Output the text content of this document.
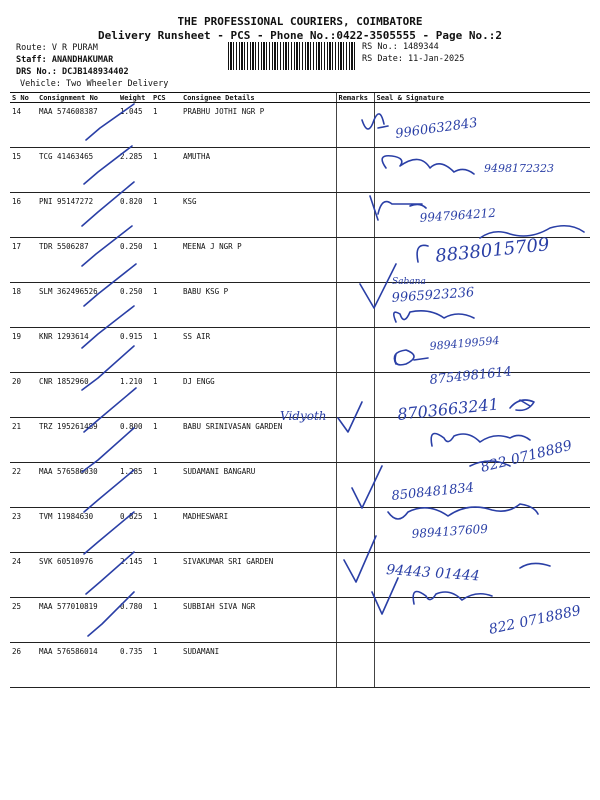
THE PROFESSIONAL COURIERS, COIMBATORE
Delivery Runsheet - PCS - Phone No.:0422-3505555 - Page No.:2
Route: V R PURAM
Staff: ANANDHAKUMAR
DRS No.: DCJB148934402
Vehicle: Two Wheeler Delivery
RS No.: 1489344
RS Date: 11-Jan-2025
S No	Consignment No	Weight	PCS	Consignee Details	Remarks	Seal & Signature
14	MAA 574608387	1.045	1	PRABHU JOTHI NGR P		
15	TCG 41463465	2.285	1	AMUTHA		
16	PNI 95147272	0.820	1	KSG		
17	TDR 5506287	0.250	1	MEENA J NGR P		
18	SLM 362496526	0.250	1	BABU KSG P		
19	KNR 1293614	0.915	1	SS AIR		
20	CNR 1852960	1.210	1	DJ ENGG		
21	TRZ 195261489	0.800	1	BABU SRINIVASAN GARDEN		
22	MAA 576586030	1.285	1	SUDAMANI BANGARU		
23	TVM 11984630	0.825	1	MADHESWARI		
24	SVK 60510976	2.145	1	SIVAKUMAR SRI GARDEN		
25	MAA 577010819	0.780	1	SUBBIAH SIVA NGR		
26	MAA 576586014	0.735	1	SUDAMANI		
9960632843
9498172323
9947964212
8838015709
Sabana
9965923236
9894199594
8754981614
Vidyoth	8703663241
822 0718889
8508481834
9894137609
94443 01444
822 0718889
